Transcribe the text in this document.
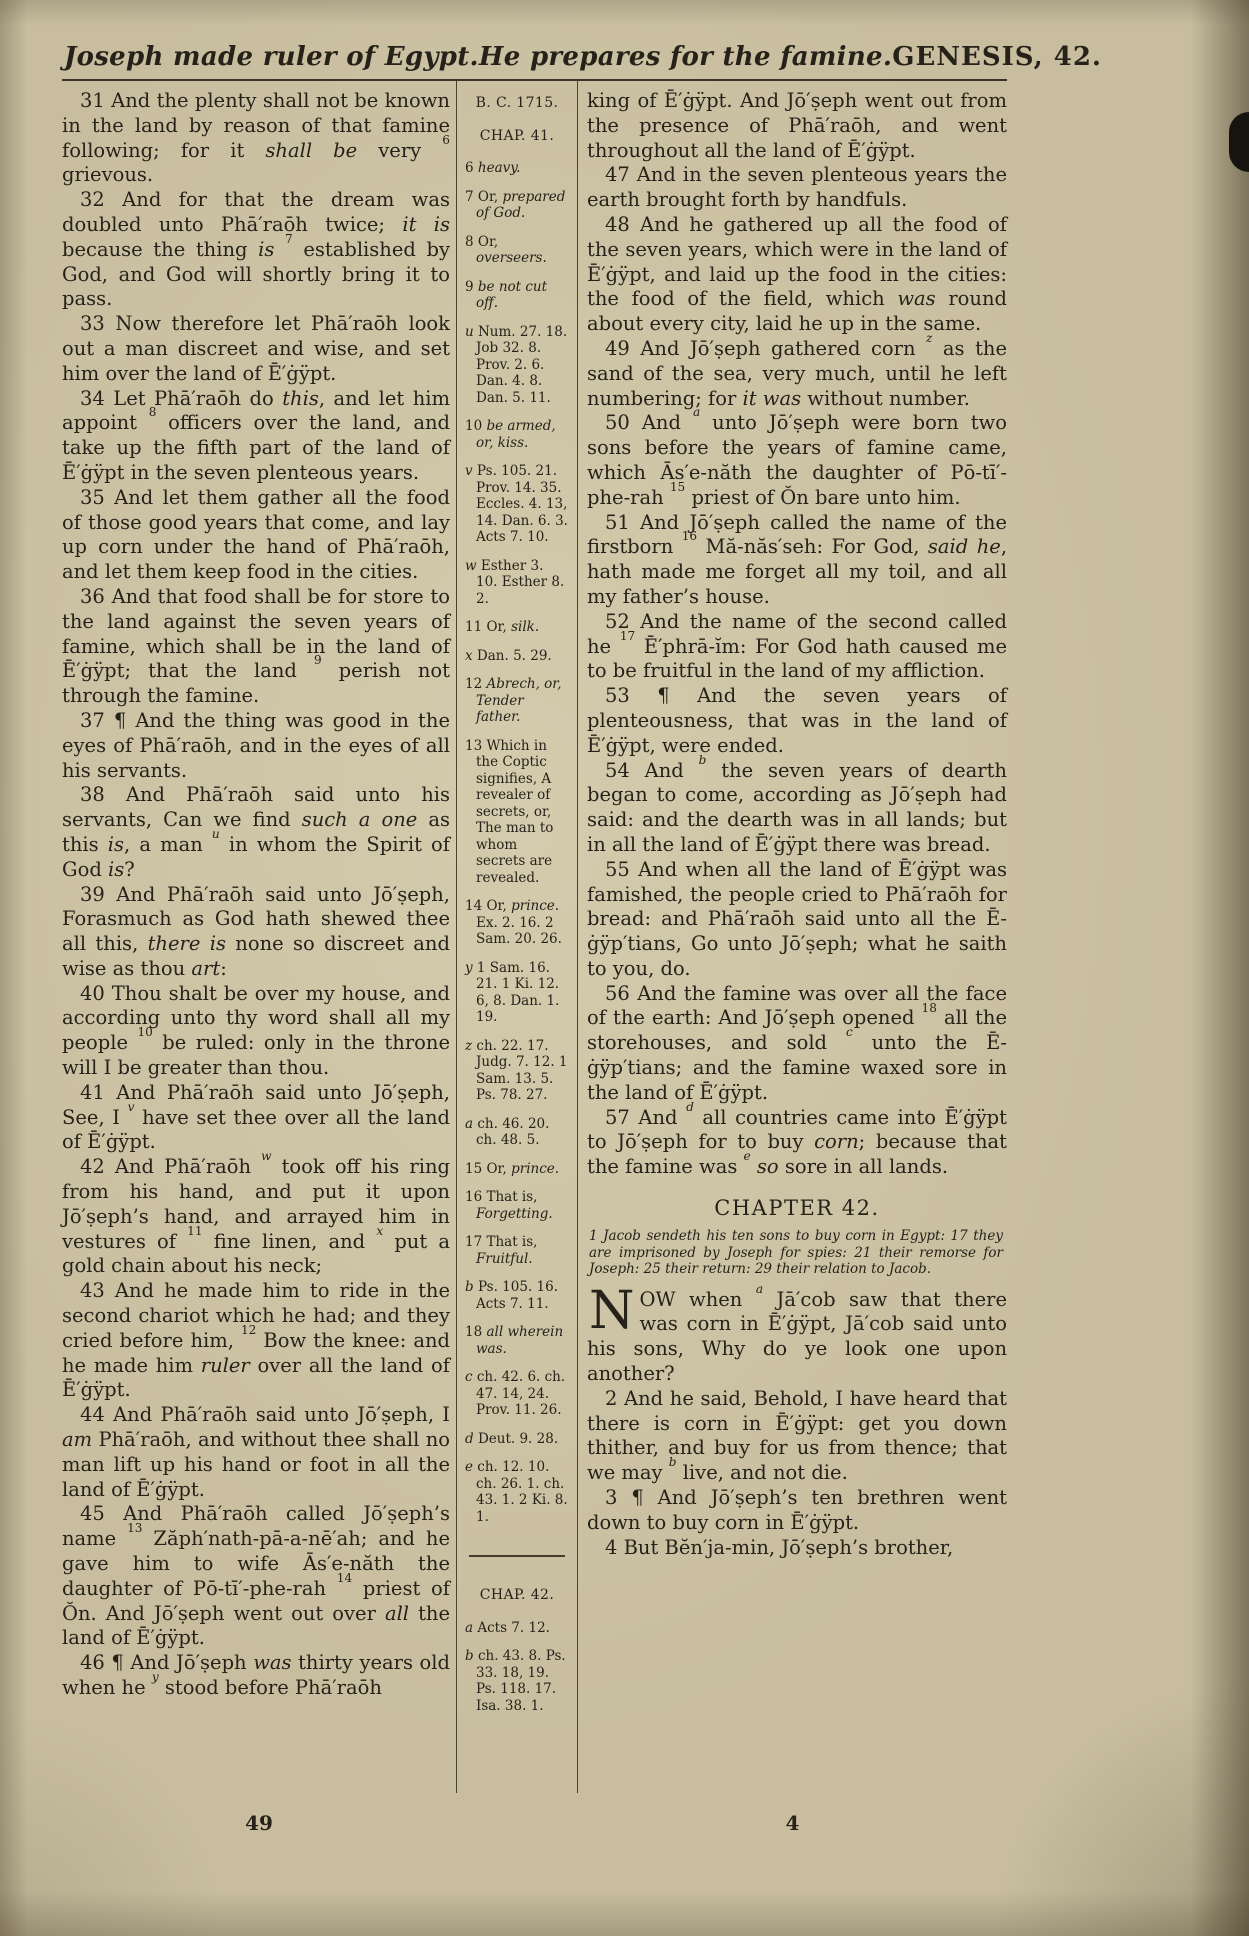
Joseph made ruler of Egypt. He prepares for the famine. GENESIS, 42.

31 And the plenty shall not be known in the land by reason of that famine following; for it shall be very $^6$ grievous.

32 And for that the dream was doubled unto Phā′raōh twice; it is because the thing is $^7$ established by God, and God will shortly bring it to pass.

33 Now therefore let Phā′raōh look out a man discreet and wise, and set him over the land of Ē′ġÿpt.

34 Let Phā′raōh do this, and let him appoint $^8$ officers over the land, and take up the fifth part of the land of Ē′ġÿpt in the seven plenteous years.

35 And let them gather all the food of those good years that come, and lay up corn under the hand of Phā′raōh, and let them keep food in the cities.

36 And that food shall be for store to the land against the seven years of famine, which shall be in the land of Ē′ġÿpt; that the land $^9$ perish not through the famine.

37 ¶ And the thing was good in the eyes of Phā′raōh, and in the eyes of all his servants.

38 And Phā′raōh said unto his servants, Can we find such a one as this is, a man $^u$ in whom the Spirit of God is?

39 And Phā′raōh said unto Jō′ṣeph, Forasmuch as God hath shewed thee all this, there is none so discreet and wise as thou art:

40 Thou shalt be over my house, and according unto thy word shall all my people $^{10}$ be ruled: only in the throne will I be greater than thou.

41 And Phā′raōh said unto Jō′ṣeph, See, I $^v$ have set thee over all the land of Ē′ġÿpt.

42 And Phā′raōh $^w$ took off his ring from his hand, and put it upon Jō′ṣeph’s hand, and arrayed him in vestures of $^{11}$ fine linen, and $^x$ put a gold chain about his neck;

43 And he made him to ride in the second chariot which he had; and they cried before him, $^{12}$ Bow the knee: and he made him ruler over all the land of Ē′ġÿpt.

44 And Phā′raōh said unto Jō′ṣeph, I am Phā′raōh, and without thee shall no man lift up his hand or foot in all the land of Ē′ġÿpt.

45 And Phā′raōh called Jō′ṣeph’s name $^{13}$ Zăph′nath-pā-a-nē′ah; and he gave him to wife Ās′e-năth the daughter of Pō-tī′-phe-rah $^{14}$ priest of Ŏn. And Jō′ṣeph went out over all the land of Ē′ġÿpt.

46 ¶ And Jō′ṣeph was thirty years old when he $^y$ stood before Phā′raōh

B. C. 1715.

CHAP. 41.

6 heavy.

7 Or, prepared of God.

8 Or, overseers.

9 be not cut off.

u Num. 27. 18. Job 32. 8. Prov. 2. 6. Dan. 4. 8. Dan. 5. 11.

10 be armed, or, kiss.

v Ps. 105. 21. Prov. 14. 35. Eccles. 4. 13, 14. Dan. 6. 3. Acts 7. 10.

w Esther 3. 10. Esther 8. 2.

11 Or, silk.

x Dan. 5. 29.

12 Abrech, or, Tender father.

13 Which in the Coptic signifies, A revealer of secrets, or, The man to whom secrets are revealed.

14 Or, prince. Ex. 2. 16. 2 Sam. 20. 26.

y 1 Sam. 16. 21. 1 Ki. 12. 6, 8. Dan. 1. 19.

z ch. 22. 17. Judg. 7. 12. 1 Sam. 13. 5. Ps. 78. 27.

a ch. 46. 20. ch. 48. 5.

15 Or, prince.

16 That is, Forgetting.

17 That is, Fruitful.

b Ps. 105. 16. Acts 7. 11.

18 all wherein was.

c ch. 42. 6. ch. 47. 14, 24. Prov. 11. 26.

d Deut. 9. 28.

e ch. 12. 10. ch. 26. 1. ch. 43. 1. 2 Ki. 8. 1.

CHAP. 42.

a Acts 7. 12.

b ch. 43. 8. Ps. 33. 18, 19. Ps. 118. 17. Isa. 38. 1.

king of Ē′ġÿpt. And Jō′ṣeph went out from the presence of Phā′raōh, and went throughout all the land of Ē′ġÿpt.

47 And in the seven plenteous years the earth brought forth by handfuls.

48 And he gathered up all the food of the seven years, which were in the land of Ē′ġÿpt, and laid up the food in the cities: the food of the field, which was round about every city, laid he up in the same.

49 And Jō′ṣeph gathered corn $^z$ as the sand of the sea, very much, until he left numbering; for it was without number.

50 And $^a$ unto Jō′ṣeph were born two sons before the years of famine came, which Ās′e-năth the daughter of Pō-tī′-phe-rah $^{15}$ priest of Ŏn bare unto him.

51 And Jō′ṣeph called the name of the firstborn $^{16}$ Mă-năs′seh: For God, said he, hath made me forget all my toil, and all my father’s house.

52 And the name of the second called he $^{17}$ Ē′phrā-ĭm: For God hath caused me to be fruitful in the land of my affliction.

53 ¶ And the seven years of plenteousness, that was in the land of Ē′ġÿpt, were ended.

54 And $^b$ the seven years of dearth began to come, according as Jō′ṣeph had said: and the dearth was in all lands; but in all the land of Ē′ġÿpt there was bread.

55 And when all the land of Ē′ġÿpt was famished, the people cried to Phā′raōh for bread: and Phā′raōh said unto all the Ē-ġÿp′tians, Go unto Jō′ṣeph; what he saith to you, do.

56 And the famine was over all the face of the earth: And Jō′ṣeph opened $^{18}$ all the storehouses, and sold $^c$ unto the Ē-ġÿp′tians; and the famine waxed sore in the land of Ē′ġÿpt.

57 And $^d$ all countries came into Ē′ġÿpt to Jō′ṣeph for to buy corn; because that the famine was $^e$ so sore in all lands.

CHAPTER 42.

1 Jacob sendeth his ten sons to buy corn in Egypt: 17 they are imprisoned by Joseph for spies: 21 their remorse for Joseph: 25 their return: 29 their relation to Jacob.

NOW when $^a$ Jā′cob saw that there was corn in Ē′ġÿpt, Jā′cob said unto his sons, Why do ye look one upon another?

2 And he said, Behold, I have heard that there is corn in Ē′ġÿpt: get you down thither, and buy for us from thence; that we may $^b$ live, and not die.

3 ¶ And Jō′ṣeph’s ten brethren went down to buy corn in Ē′ġÿpt.

4 But Bĕn′ja-min, Jō′ṣeph’s brother,

49	4
